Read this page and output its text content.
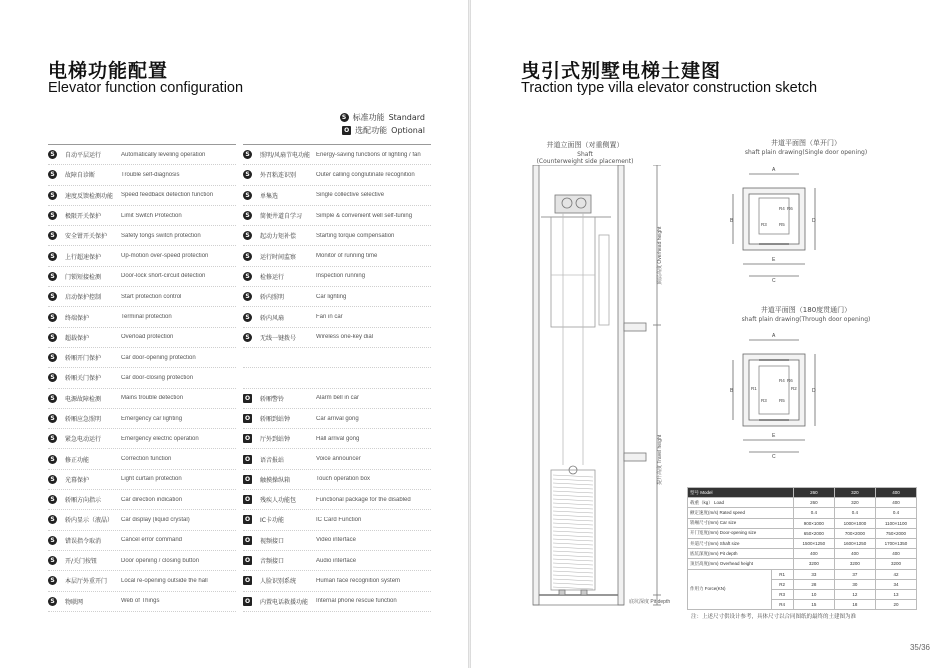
电梯功能配置
Elevator function configuration
S 标准功能 Standard
O 选配功能 Optional
S	自动平层运行	Automatically leveling operation
S	故障自诊断	Trouble self-diagnosis
S	速度反馈检测功能	Speed feedback detection function
S	极限开关保护	Limit Switch Protection
S	安全钳开关保护	Safety tongs switch protection
S	上行超速保护	Up-motion over-speed protection
S	门锁短接检测	Door-lock short-circuit detection
S	启动保护控制	Start protection control
S	终端保护	Terminal protection
S	超载保护	Overload protection
S	轿厢开门保护	Car door-opening protection
S	轿厢关门保护	Car door-closing protection
S	电源故障检测	Mains trouble detection
S	轿厢应急照明	Emergency car lighting
S	紧急电动运行	Emergency electric operation
S	修正功能	Correction function
S	光幕保护	Light curtain protection
S	轿厢方向指示	Car direction indication
S	轿内显示（液晶）	Car display (liquid crystal)
S	错误指令取消	Cancel error command
S	开/关门按钮	Door opening / closing button
S	本层厅外重开门	Local re-opening outside the hall
S	物联网	Web of Things
S	照明/风扇节电功能 Energy-saving functions of lighting / fan
S	外召粘连识别	Outer calling conglutinate recognition
S	单集选	Single collective selective
S	简便井道自学习	Simple & convenient well self-tuning
S	起动力矩补偿	Starting torque compensation
S	运行时间监察	Monitor of running time
S	检修运行	Inspection running
S	轿内照明	Car lighting
S	轿内风扇	Fan in car
S	无线一键拨号	Wireless one-key dial
O	轿厢警铃	Alarm bell in car
O	轿厢到站钟	Car arrival gong
O	厅外到站钟	Hall arrival gong
O	语音报站	Voice announcer
O	触摸操纵箱	Touch operation box
O	残疾人功能包	Functional package for the disabled
O	IC卡功能	IC Card Function
O	视频接口	Video interface
O	音频接口	Audio interface
O	人脸识别系统	Human face recognition system
O	内置电话救援功能	Internal phone rescue function
曳引式别墅电梯土建图
Traction type villa elevator construction sketch
井道立面图（对重侧置）
Shaft
(Counterweight side placement)
顶层高度 Overhead height
提升高度 Travel height
底坑深度 Pit depth
井道平面图（单开门）
shaft plain drawing(Single door opening)
A
B
C
D
E
R4 R6
R3	R5
井道平面图（180度贯通门）
shaft plain drawing(Through door opening)
A
B
C
D
E
R4 R6
R3	R5
R1	R2
型号 Model		260	320	400
载重（kg） Load		260	320	400
额定速度(m/s) Rated speed		0.4	0.4	0.4
轿厢尺寸(mm) Car size		900×1000	1000×1000	1100×1100
开门宽度(mm) Door-opening size		650×2000	700×2000	750×2000
井道尺寸(mm) Shaft size		1500×1250	1600×1250	1700×1350
底坑深度(mm) Pit depth		400	400	400
顶层高度(mm) Overhead height		3200	3200	3200
作用力 Force(KN)	R1	33	37	42
	R2	28	30	34
	R3	10	12	13
	R4	15	18	20
注：上述尺寸供设计参考，具体尺寸以合同图纸的最终的土建图为准
35/36
